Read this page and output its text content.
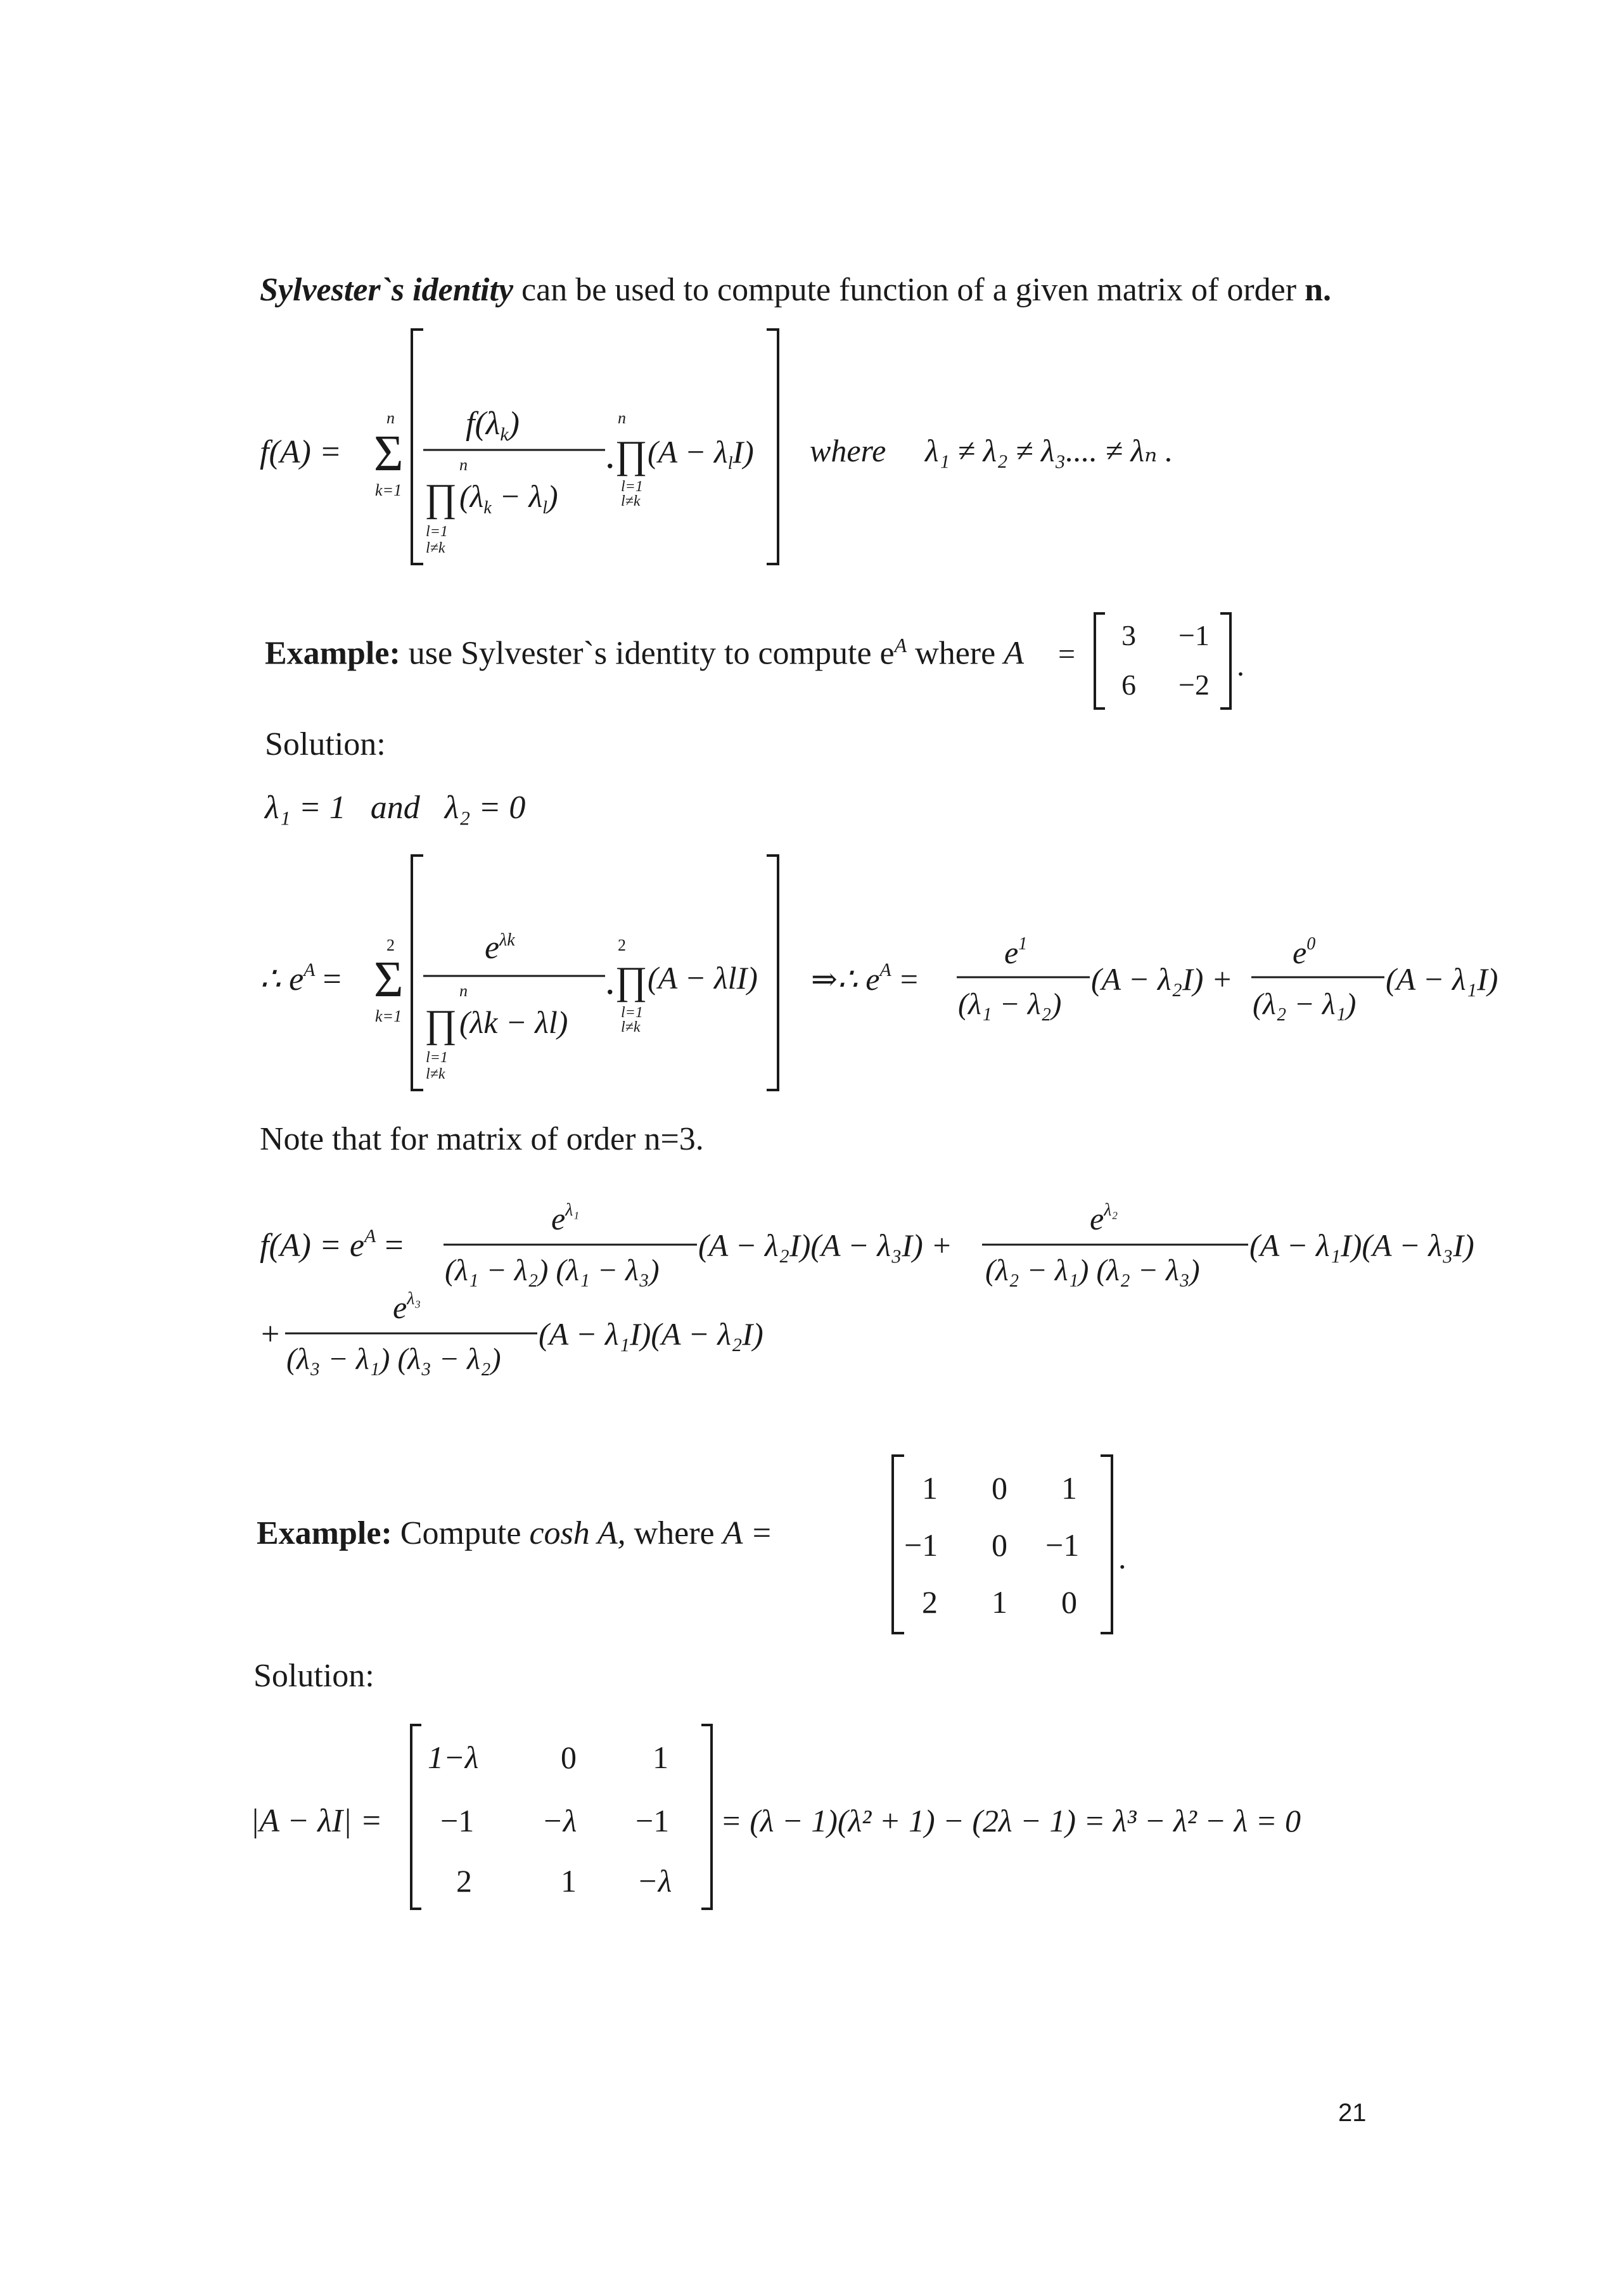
Sylvester`s identity can be used to compute function of a given matrix of order n.
f(A) = Σ
n
k=1
f(λk)
n
∏ $(\lambda_k - \lambda_l)$
l=1
l≠k
.∏
n
l=1
l≠k
$(A - \lambda_lI)$ where λ₁ ≠ λ₂ ≠ λ₃.... ≠ λₙ .
Example: use Sylvester`s identity to compute $e^A$ where A =
3 −1
6 −2
.
Solution:
λ₁ = 1 and λ₂ = 0
∴ $e^A = \Sigma$
2
k=1
$e^{\lambda k}$
n
∏ (λk − λl)
l=1
l≠k
.∏
2
l=1
l≠k
(A − λlI) ⇒∴ $e^A$ =
$e^1$
(λ₁ − λ₂)
(A − λ₂I) +
$e^0$
(λ₂ − λ₁)
(A − λ₁I)
Note that for matrix of order n=3.
$f(A) = e^A$ =
$e^{\lambda_1}$
(λ₁ − λ₂) (λ₁ − λ₃)
(A − λ₂I)(A − λ₃I) +
$e^{\lambda_2}$
(λ₂ − λ₁) (λ₂ − λ₃)
(A − λ₁I)(A − λ₃I)
+
$e^{\lambda_3}$
(λ₃ − λ₁) (λ₃ − λ₂)
(A − λ₁I)(A − λ₂I)
Example: Compute cosh A, where A =
1 0 1
−1 0 −1
2 1 0
.
Solution:
|A − λI| =
1−λ	0 1
−1 −λ −1
2	1 −λ
= (λ − 1)(λ² + 1) − (2λ − 1) = λ³ − λ² − λ = 0
21
